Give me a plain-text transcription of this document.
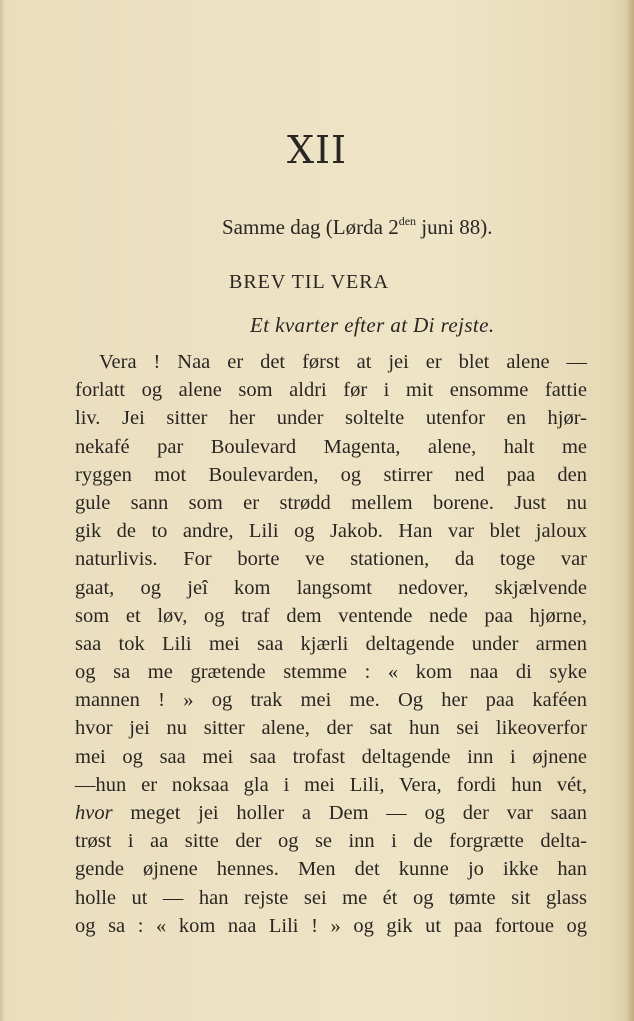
XII
Samme dag (Lørda $2^{den}$ juni 88).
BREV TIL VERA
Et kvarter efter at Di rejste.
Vera ! Naa er det først at jei er blet alene —
forlatt og alene som aldri før i mit ensomme fattie
liv. Jei sitter her under soltelte utenfor en hjør-
nekafé par Boulevard Magenta, alene, halt me
ryggen mot Boulevarden, og stirrer ned paa den
gule sann som er strødd mellem borene. Just nu
gik de to andre, Lili og Jakob. Han var blet jaloux
naturlivis. For borte ve stationen, da toge var
gaat, og jeî kom langsomt nedover, skjælvende
som et løv, og traf dem ventende nede paa hjørne,
saa tok Lili mei saa kjærli deltagende under armen
og sa me grætende stemme : « kom naa di syke
mannen ! » og trak mei me. Og her paa kaféen
hvor jei nu sitter alene, der sat hun sei likeoverfor
mei og saa mei saa trofast deltagende inn i øjnene
—hun er noksaa gla i mei Lili, Vera, fordi hun vét,
hvor meget jei holler a Dem — og der var saan
trøst i aa sitte der og se inn i de forgrætte delta-
gende øjnene hennes. Men det kunne jo ikke han
holle ut — han rejste sei me ét og tømte sit glass
og sa : « kom naa Lili ! » og gik ut paa fortoue og
